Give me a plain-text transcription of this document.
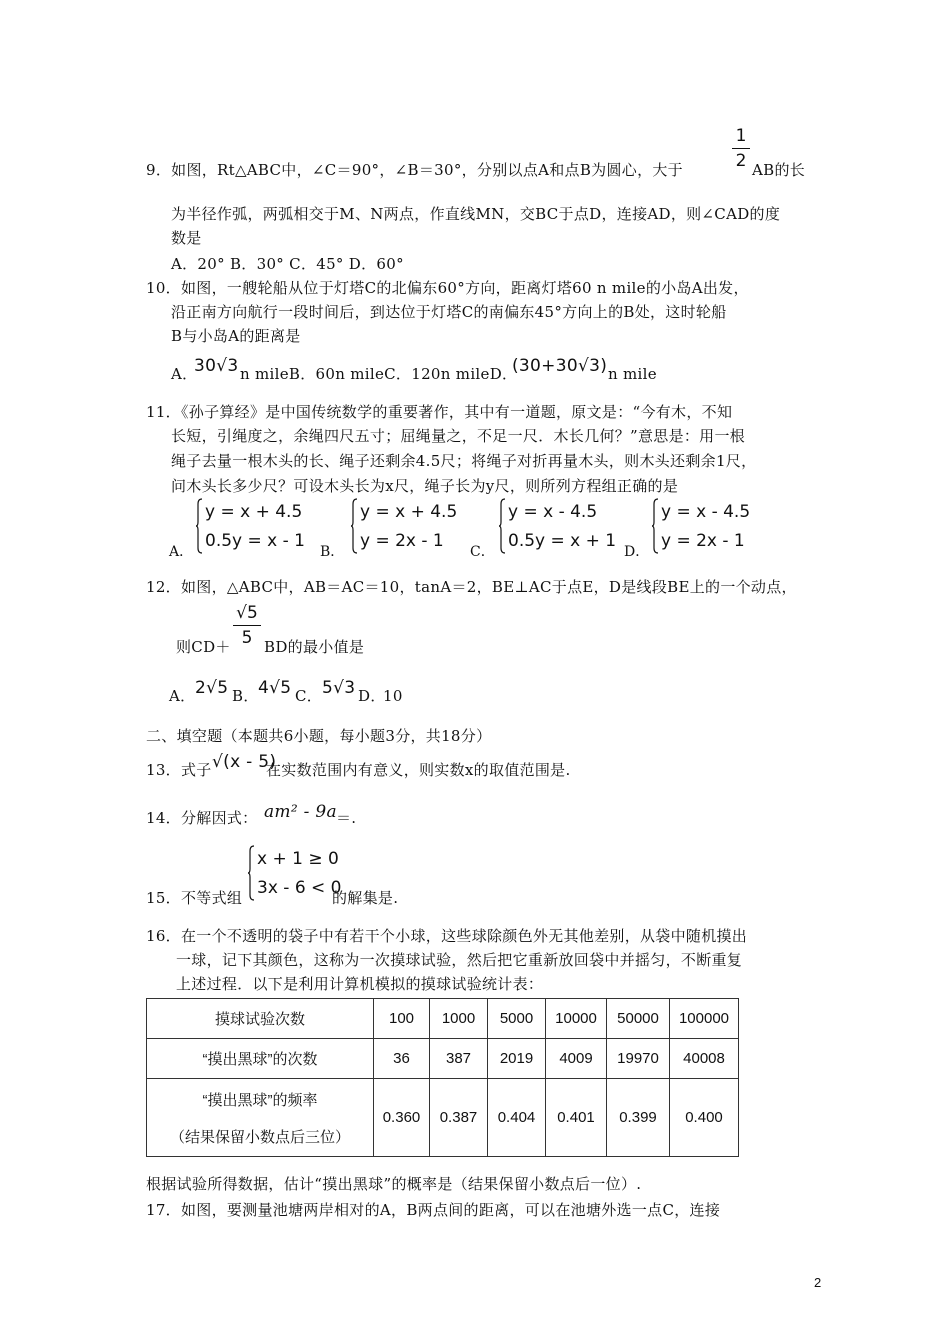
1
2
9．如图，Rt△ABC中，∠C＝90°，∠B＝30°，分别以点A和点B为圆心，大于	AB的长
为半径作弧，两弧相交于M、N两点，作直线MN，交BC于点D，连接AD，则∠CAD的度
数是
A．20° B．30° C．45° D．60°
10．如图，一艘轮船从位于灯塔C的北偏东60°方向，距离灯塔60 n mile的小岛A出发，
沿正南方向航行一段时间后，到达位于灯塔C的南偏东45°方向上的B处，这时轮船
B与小岛A的距离是
A．
30√3 n mileB．60n mileC．120n mileD．
(30+30√3) n mile
11．《孙子算经》是中国传统数学的重要著作，其中有一道题，原文是：“今有木，不知
长短，引绳度之，余绳四尺五寸；屈绳量之，不足一尺．木长几何？”意思是：用一根
绳子去量一根木头的长、绳子还剩余4.5尺；将绳子对折再量木头，则木头还剩余1尺，
问木头长多少尺？可设木头长为x尺，绳子长为y尺，则所列方程组正确的是
A．
y = x + 4.5
0.5y = x - 1
B．
y = x + 4.5
y = 2x - 1
C．
y = x - 4.5
0.5y = x + 1
D．
y = x - 4.5
y = 2x - 1
12．如图，△ABC中，AB＝AC＝10，tanA＝2，BE⊥AC于点E，D是线段BE上的一个动点，
√5
5
则CD＋ BD的最小值是
A． 2√5 B． 4√5 C． 5√3 D．
10
二、填空题（本题共6小题，每小题3分，共18分）
13．式子 √(x - 5)
在实数范围内有意义，则实数x的取值范围是.
14．分解因式： am² - 9a ＝.
15．不等式组
x + 1 ≥ 0
3x - 6 < 0
的解集是.
16．在一个不透明的袋子中有若干个小球，这些球除颜色外无其他差别，从袋中随机摸出
一球，记下其颜色，这称为一次摸球试验，然后把它重新放回袋中并摇匀，不断重复
上述过程．以下是利用计算机模拟的摸球试验统计表：
摸球试验次数	100	1000	5000	10000	50000	100000
“摸出黑球”的次数	36	387	2019	4009	19970	40008

“摸出黑球”的频率
（结果保留小数点后三位）	0.360	0.387	0.404	0.401	0.399	0.400
根据试验所得数据，估计“摸出黑球”的概率是（结果保留小数点后一位）.
17．如图，要测量池塘两岸相对的A，B两点间的距离，可以在池塘外选一点C，连接
2
